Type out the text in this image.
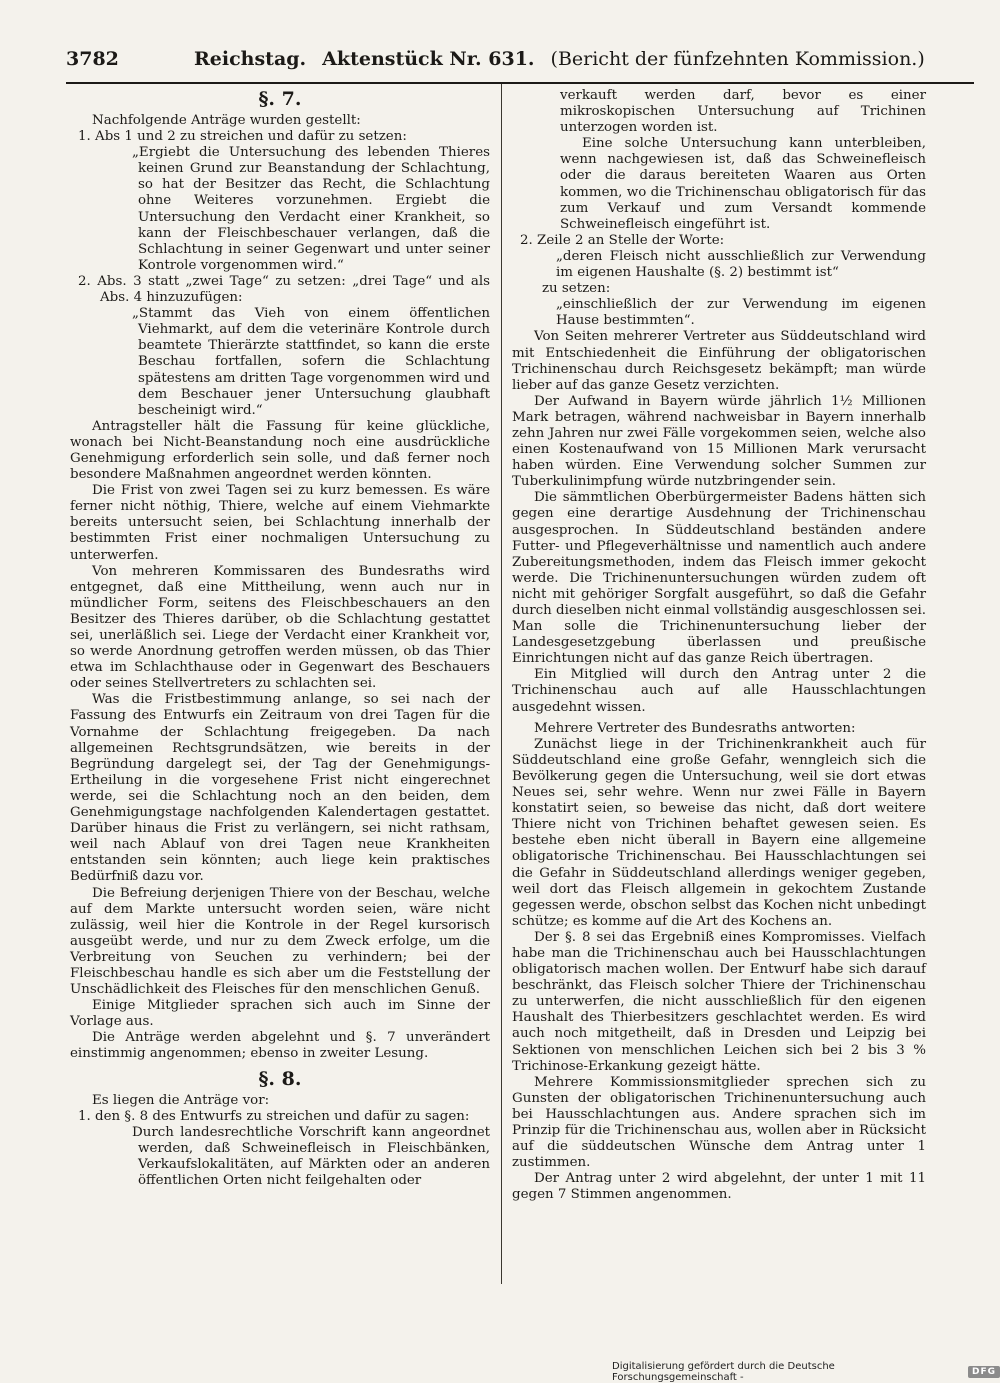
3782	Reichstag. Aktenstück Nr. 631. (Bericht der fünfzehnten Kommission.)
§. 7.

Nachfolgende Anträge wurden gestellt:

1. Abs 1 und 2 zu streichen und dafür zu setzen:

„Ergiebt die Untersuchung des lebenden Thieres keinen Grund zur Beanstandung der Schlachtung, so hat der Besitzer das Recht, die Schlachtung ohne Weiteres vorzunehmen. Ergiebt die Untersuchung den Verdacht einer Krankheit, so kann der Fleischbeschauer verlangen, daß die Schlachtung in seiner Gegenwart und unter seiner Kontrole vorgenommen wird.“

2. Abs. 3 statt „zwei Tage“ zu setzen: „drei Tage“ und als Abs. 4 hinzuzufügen:

„Stammt das Vieh von einem öffentlichen Viehmarkt, auf dem die veterinäre Kontrole durch beamtete Thierärzte stattfindet, so kann die erste Beschau fortfallen, sofern die Schlachtung spätestens am dritten Tage vorgenommen wird und dem Beschauer jener Untersuchung glaubhaft bescheinigt wird.“

Antragsteller hält die Fassung für keine glückliche, wonach bei Nicht-Beanstandung noch eine ausdrückliche Genehmigung erforderlich sein solle, und daß ferner noch besondere Maßnahmen angeordnet werden könnten.

Die Frist von zwei Tagen sei zu kurz bemessen. Es wäre ferner nicht nöthig, Thiere, welche auf einem Viehmarkte bereits untersucht seien, bei Schlachtung innerhalb der bestimmten Frist einer nochmaligen Untersuchung zu unterwerfen.

Von mehreren Kommissaren des Bundesraths wird entgegnet, daß eine Mittheilung, wenn auch nur in mündlicher Form, seitens des Fleischbeschauers an den Besitzer des Thieres darüber, ob die Schlachtung gestattet sei, unerläßlich sei. Liege der Verdacht einer Krankheit vor, so werde Anordnung getroffen werden müssen, ob das Thier etwa im Schlachthause oder in Gegenwart des Beschauers oder seines Stellvertreters zu schlachten sei.

Was die Fristbestimmung anlange, so sei nach der Fassung des Entwurfs ein Zeitraum von drei Tagen für die Vornahme der Schlachtung freigegeben. Da nach allgemeinen Rechtsgrundsätzen, wie bereits in der Begründung dargelegt sei, der Tag der Genehmigungs-Ertheilung in die vorgesehene Frist nicht eingerechnet werde, sei die Schlachtung noch an den beiden, dem Genehmigungstage nachfolgenden Kalendertagen gestattet. Darüber hinaus die Frist zu verlängern, sei nicht rathsam, weil nach Ablauf von drei Tagen neue Krankheiten entstanden sein könnten; auch liege kein praktisches Bedürfniß dazu vor.

Die Befreiung derjenigen Thiere von der Beschau, welche auf dem Markte untersucht worden seien, wäre nicht zulässig, weil hier die Kontrole in der Regel kursorisch ausgeübt werde, und nur zu dem Zweck erfolge, um die Verbreitung von Seuchen zu verhindern; bei der Fleischbeschau handle es sich aber um die Feststellung der Unschädlichkeit des Fleisches für den menschlichen Genuß.

Einige Mitglieder sprachen sich auch im Sinne der Vorlage aus.

Die Anträge werden abgelehnt und §. 7 unverändert einstimmig angenommen; ebenso in zweiter Lesung.

§. 8.

Es liegen die Anträge vor:

1. den §. 8 des Entwurfs zu streichen und dafür zu sagen:

Durch landesrechtliche Vorschrift kann angeordnet werden, daß Schweinefleisch in Fleischbänken, Verkaufslokalitäten, auf Märkten oder an anderen öffentlichen Orten nicht feilgehalten oder

verkauft werden darf, bevor es einer mikroskopischen Untersuchung auf Trichinen unterzogen worden ist.

Eine solche Untersuchung kann unterbleiben, wenn nachgewiesen ist, daß das Schweinefleisch oder die daraus bereiteten Waaren aus Orten kommen, wo die Trichinenschau obligatorisch für das zum Verkauf und zum Versandt kommende Schweinefleisch eingeführt ist.

2. Zeile 2 an Stelle der Worte:

„deren Fleisch nicht ausschließlich zur Verwendung im eigenen Haushalte (§. 2) bestimmt ist“

zu setzen:

„einschließlich der zur Verwendung im eigenen Hause bestimmten“.

Von Seiten mehrerer Vertreter aus Süddeutschland wird mit Entschiedenheit die Einführung der obligatorischen Trichinenschau durch Reichsgesetz bekämpft; man würde lieber auf das ganze Gesetz verzichten.

Der Aufwand in Bayern würde jährlich 1½ Millionen Mark betragen, während nachweisbar in Bayern innerhalb zehn Jahren nur zwei Fälle vorgekommen seien, welche also einen Kostenaufwand von 15 Millionen Mark verursacht haben würden. Eine Verwendung solcher Summen zur Tuberkulinimpfung würde nutzbringender sein.

Die sämmtlichen Oberbürgermeister Badens hätten sich gegen eine derartige Ausdehnung der Trichinenschau ausgesprochen. In Süddeutschland beständen andere Futter- und Pflegeverhältnisse und namentlich auch andere Zubereitungsmethoden, indem das Fleisch immer gekocht werde. Die Trichinenuntersuchungen würden zudem oft nicht mit gehöriger Sorgfalt ausgeführt, so daß die Gefahr durch dieselben nicht einmal vollständig ausgeschlossen sei. Man solle die Trichinenuntersuchung lieber der Landesgesetzgebung überlassen und preußische Einrichtungen nicht auf das ganze Reich übertragen.

Ein Mitglied will durch den Antrag unter 2 die Trichinenschau auch auf alle Hausschlachtungen ausgedehnt wissen.

Mehrere Vertreter des Bundesraths antworten:

Zunächst liege in der Trichinenkrankheit auch für Süddeutschland eine große Gefahr, wenngleich sich die Bevölkerung gegen die Untersuchung, weil sie dort etwas Neues sei, sehr wehre. Wenn nur zwei Fälle in Bayern konstatirt seien, so beweise das nicht, daß dort weitere Thiere nicht von Trichinen behaftet gewesen seien. Es bestehe eben nicht überall in Bayern eine allgemeine obligatorische Trichinenschau. Bei Hausschlachtungen sei die Gefahr in Süddeutschland allerdings weniger gegeben, weil dort das Fleisch allgemein in gekochtem Zustande gegessen werde, obschon selbst das Kochen nicht unbedingt schütze; es komme auf die Art des Kochens an.

Der §. 8 sei das Ergebniß eines Kompromisses. Vielfach habe man die Trichinenschau auch bei Hausschlachtungen obligatorisch machen wollen. Der Entwurf habe sich darauf beschränkt, das Fleisch solcher Thiere der Trichinenschau zu unterwerfen, die nicht ausschließlich für den eigenen Haushalt des Thierbesitzers geschlachtet werden. Es wird auch noch mitgetheilt, daß in Dresden und Leipzig bei Sektionen von menschlichen Leichen sich bei 2 bis 3 % Trichinose-Erkankung gezeigt hätte.

Mehrere Kommissionsmitglieder sprechen sich zu Gunsten der obligatorischen Trichinenuntersuchung auch bei Hausschlachtungen aus. Andere sprachen sich im Prinzip für die Trichinenschau aus, wollen aber in Rücksicht auf die süddeutschen Wünsche dem Antrag unter 1 zustimmen.

Der Antrag unter 2 wird abgelehnt, der unter 1 mit 11 gegen 7 Stimmen angenommen.

Digitalisierung gefördert durch die Deutsche Forschungsgemeinschaft -	DFG
